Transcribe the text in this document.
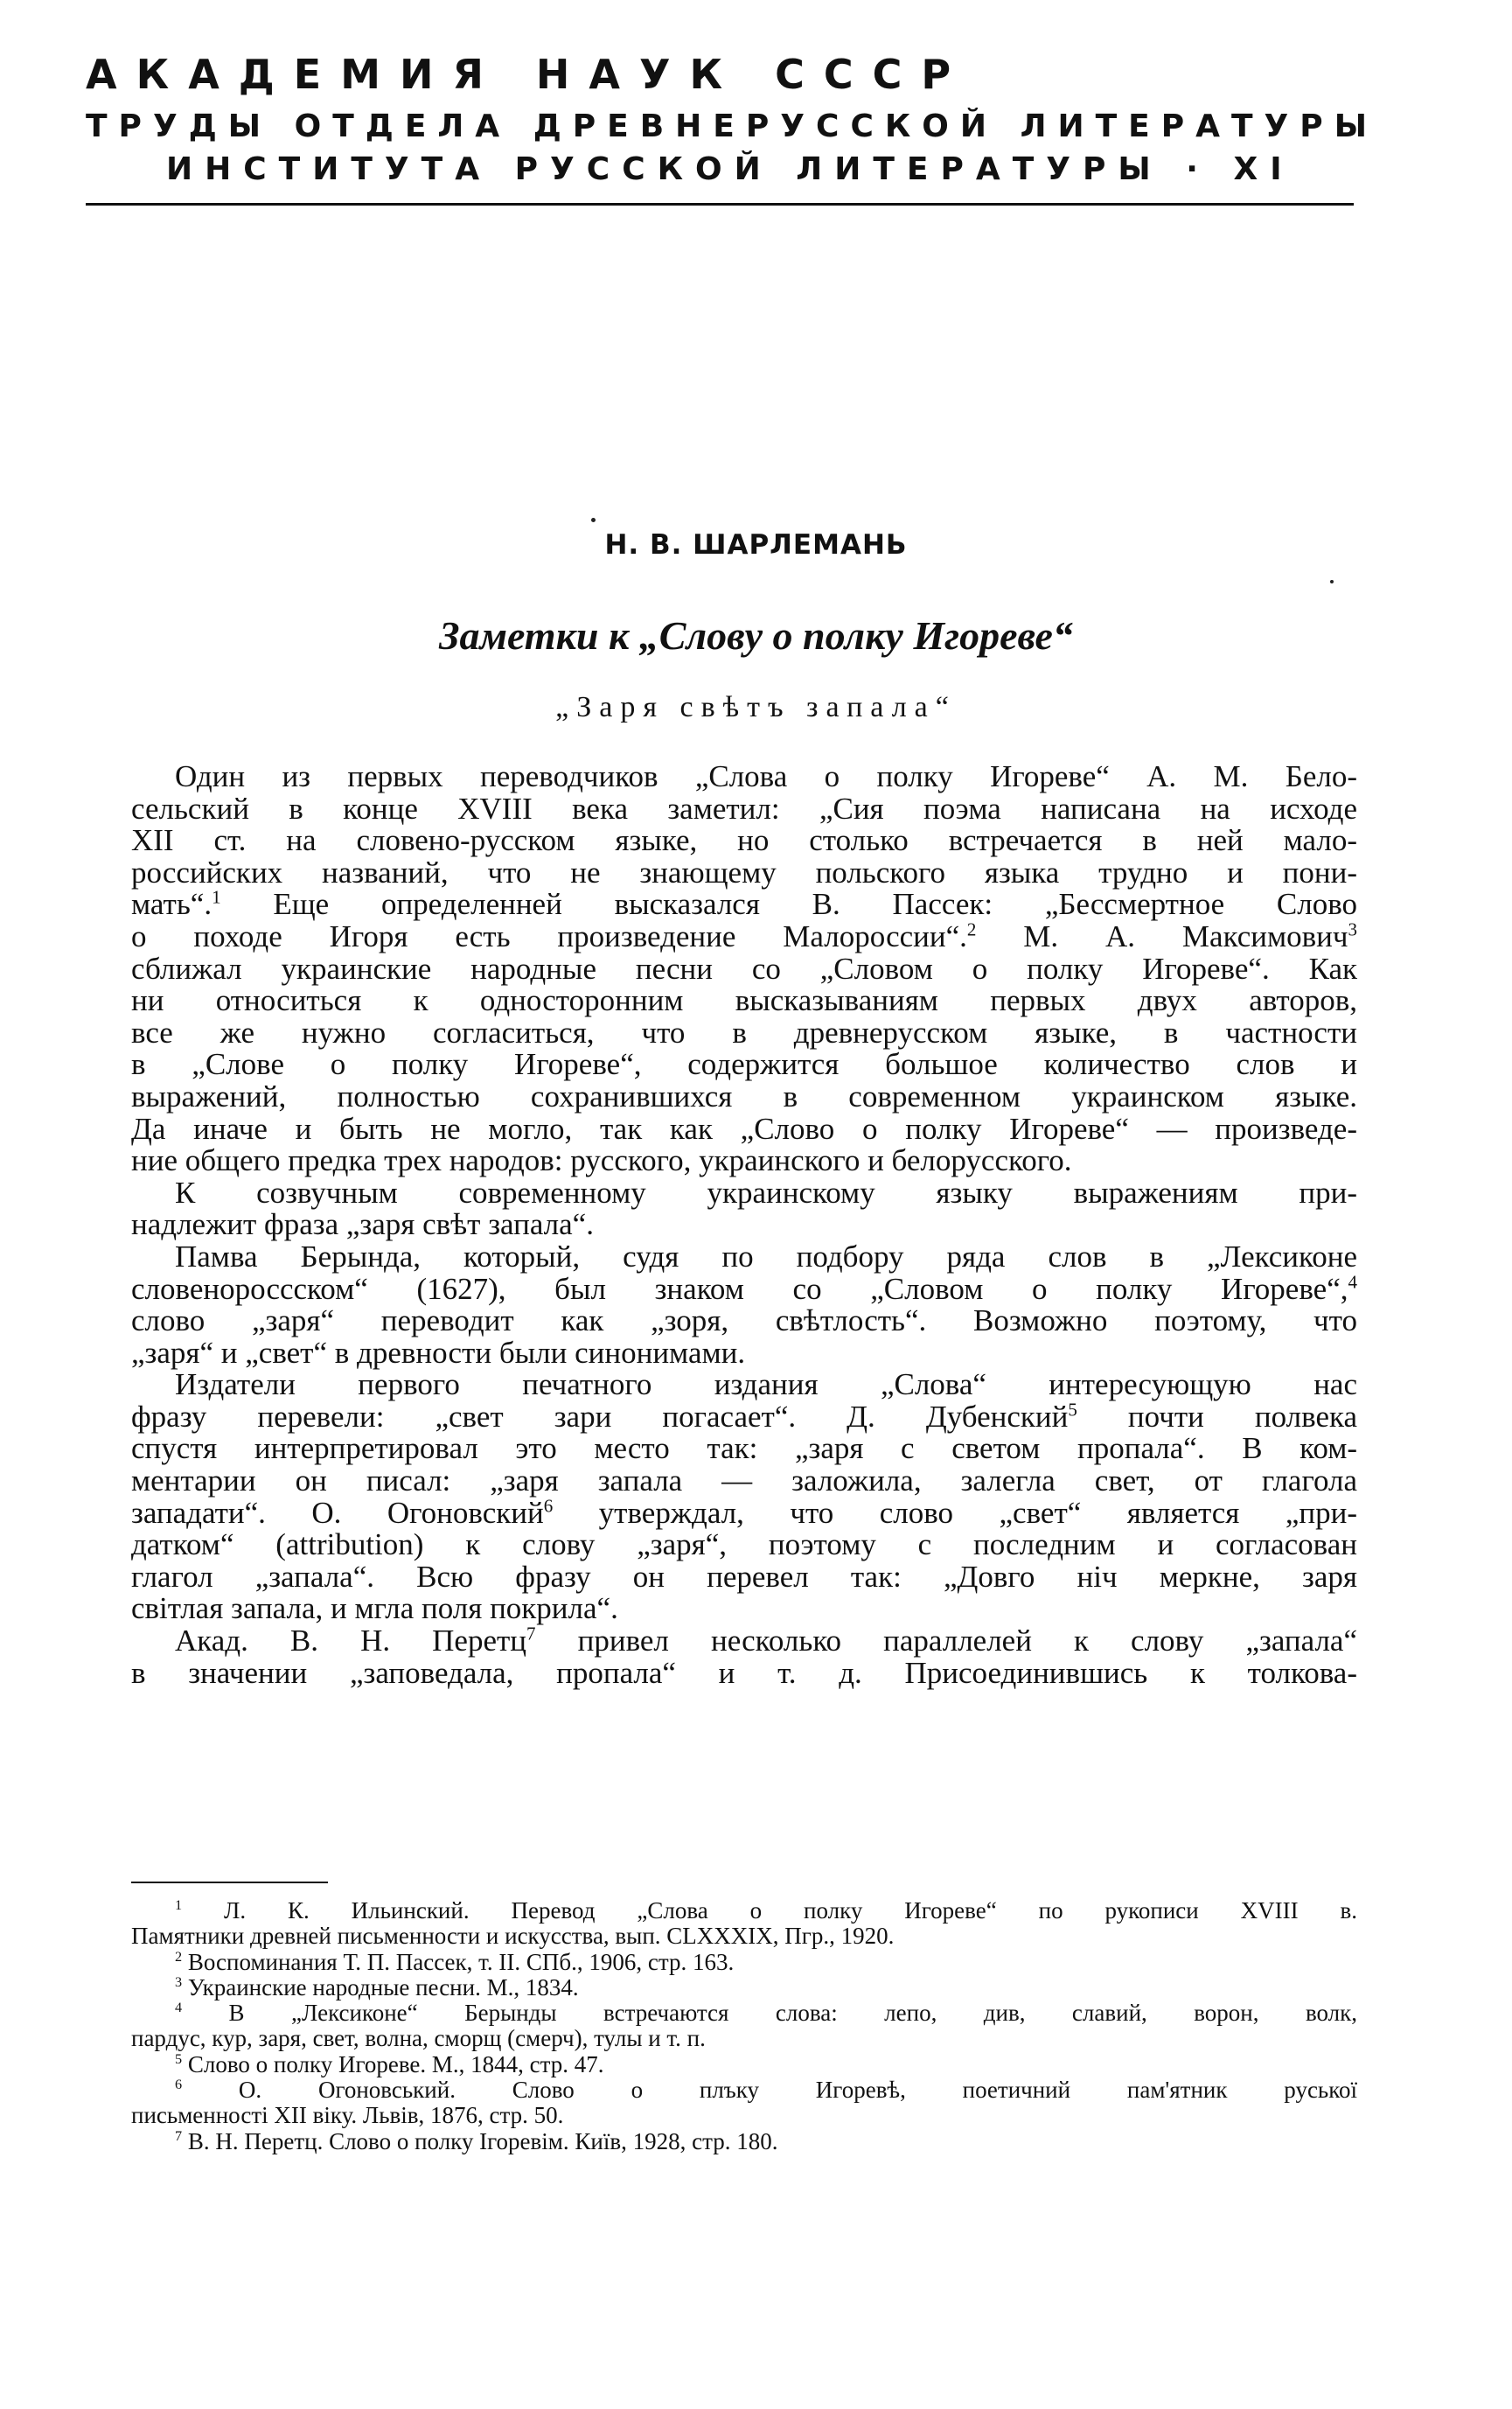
АКАДЕМИЯ НАУК СССР
ТРУДЫ ОТДЕЛА ДРЕВНЕРУССКОЙ ЛИТЕРАТУРЫ
ИНСТИТУТА РУССКОЙ ЛИТЕРАТУРЫ · XI
Н. В. ШАРЛЕМАНЬ
Заметки к „Слову о полку Игореве“
„Заря свѣтъ запала“
Один из первых переводчиков „Слова о полку Игореве“ А. М. Бело-
сельский в конце XVIII века заметил: „Сия поэма написана на исходе
XII ст. на словено-русском языке, но столько встречается в ней мало-
российских названий, что не знающему польского языка трудно и пони-
мать“.$^1$ Еще определенней высказался В. Пассек: „Бессмертное Слово
о походе Игоря есть произведение Малороссии“.$^2$ М. А. Максимович$^3$
сближал украинские народные песни со „Словом о полку Игореве“. Как
ни относиться к односторонним высказываниям первых двух авторов,
все же нужно согласиться, что в древнерусском языке, в частности
в „Слове о полку Игореве“, содержится большое количество слов и
выражений, полностью сохранившихся в современном украинском языке.
Да иначе и быть не могло, так как „Слово о полку Игореве“ — произведе-
ние общего предка трех народов: русского, украинского и белорусского.
К созвучным современному украинскому языку выражениям при-
надлежит фраза „заря свѣт запала“.
Памва Берында, который, судя по подбору ряда слов в „Лексиконе
словенороссском“ (1627), был знаком со „Словом о полку Игореве“,$^4$
слово „заря“ переводит как „зоря, свѣтлость“. Возможно поэтому, что
„заря“ и „свет“ в древности были синонимами.
Издатели первого печатного издания „Слова“ интересующую нас
фразу перевели: „свет зари погасает“. Д. Дубенский$^5$ почти полвека
спустя интерпретировал это место так: „заря с светом пропала“. В ком-
ментарии он писал: „заря запала — заложила, залегла свет, от глагола
западати“. О. Огоновский$^6$ утверждал, что слово „свет“ является „при-
датком“ (attribution) к слову „заря“, поэтому с последним и согласован
глагол „запала“. Всю фразу он перевел так: „Довго ніч меркне, заря
світлая запала, и мгла поля покрила“.
Акад. В. Н. Перетц$^7$ привел несколько параллелей к слову „запала“
в значении „заповедала, пропала“ и т. д. Присоединившись к толкова-
$^1$ Л. К. Ильинский. Перевод „Слова о полку Игореве“ по рукописи XVIII в.
Памятники древней письменности и искусства, вып. CLXXXIX, Пгр., 1920.
$^2$ Воспоминания Т. П. Пассек, т. II. СПб., 1906, стр. 163.
$^3$ Украинские народные песни. М., 1834.
$^4$ В „Лексиконе“ Берынды встречаются слова: лепо, див, славий, ворон, волк,
пардус, кур, заря, свет, волна, сморщ (смерч), тулы и т. п.
$^5$ Слово о полку Игореве. М., 1844, стр. 47.
$^6$ О. Огоновський. Слово о плъку Игоревѣ, поетичний пам'ятник руської
письменності XII віку. Львів, 1876, стр. 50.
$^7$ В. Н. Перетц. Слово о полку Ігоревім. Київ, 1928, стр. 180.
